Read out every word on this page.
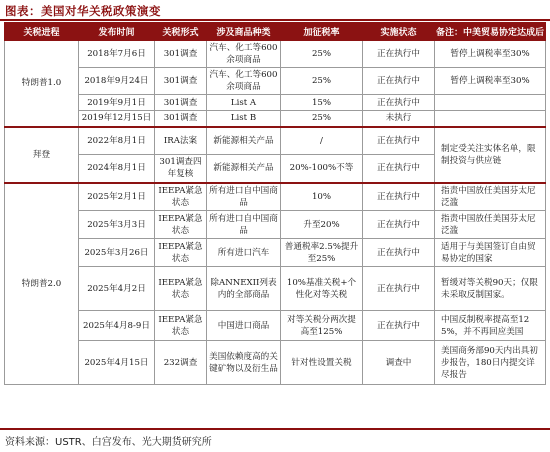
图表：美国对华关税政策演变
关税进程	发布时间	关税形式	涉及商品种类	加征税率	实施状态	备注：中美贸易协定达成后
特朗普1.0	2018年7月6日	301调查	汽车、化工等600余项商品	25%	正在执行中	暂停上调税率至30%
	2018年9月24日	301调查	汽车、化工等600余项商品	25%	正在执行中	暂停上调税率至30%
	2019年9月1日	301调查	List A	15%	正在执行中	
	2019年12月15日	301调查	List B	25%	未执行	
拜登	2022年8月1日	IRA法案	新能源相关产品	/	正在执行中	制定受关注实体名单，限制投资与供应链
	2024年8月1日	301调查四年复核	新能源相关产品	20%-100%不等	正在执行中	
特朗普2.0	2025年2月1日	IEEPA紧急状态	所有进口自中国商品	10%	正在执行中	指责中国放任美国芬太尼泛滥
	2025年3月3日	IEEPA紧急状态	所有进口自中国商品	升至20%	正在执行中	指责中国放任美国芬太尼泛滥
	2025年3月26日	IEEPA紧急状态	所有进口汽车	普通税率2.5%提升至25%	正在执行中	适用于与美国签订自由贸易协定的国家
	2025年4月2日	IEEPA紧急状态	除ANNEXII列表内的全部商品	10%基准关税+个性化对等关税	正在执行中	暂缓对等关税90天；仅限未采取反制国家。
	2025年4月8-9日	IEEPA紧急状态	中国进口商品	对等关税分两次提高至125%	正在执行中	中国反制税率提高至125%，并不再回应美国
	2025年4月15日	232调查	美国依赖度高的关键矿物以及衍生品	针对性设置关税	调查中	美国商务部90天内出具初步报告，180日内提交详尽报告
资料来源：USTR、白宫发布、光大期货研究所
